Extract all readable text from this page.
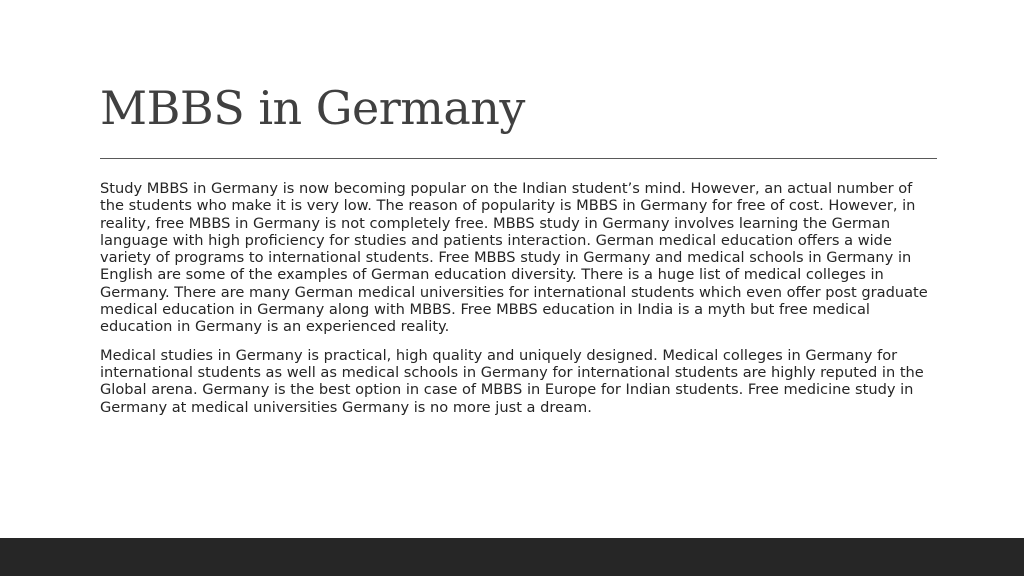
MBBS in Germany

Study MBBS in Germany is now becoming popular on the Indian student’s mind. However, an actual number of the students who make it is very low. The reason of popularity is MBBS in Germany for free of cost. However, in reality, free MBBS in Germany is not completely free. MBBS study in Germany involves learning the German language with high proficiency for studies and patients interaction. German medical education offers a wide variety of programs to international students. Free MBBS study in Germany and medical schools in Germany in English are some of the examples of German education diversity. There is a huge list of medical colleges in Germany. There are many German medical universities for international students which even offer post graduate medical education in Germany along with MBBS. Free MBBS education in India is a myth but free medical education in Germany is an experienced reality.

Medical studies in Germany is practical, high quality and uniquely designed. Medical colleges in Germany for international students as well as medical schools in Germany for international students are highly reputed in the Global arena. Germany is the best option in case of MBBS in Europe for Indian students. Free medicine study in Germany at medical universities Germany is no more just a dream.
